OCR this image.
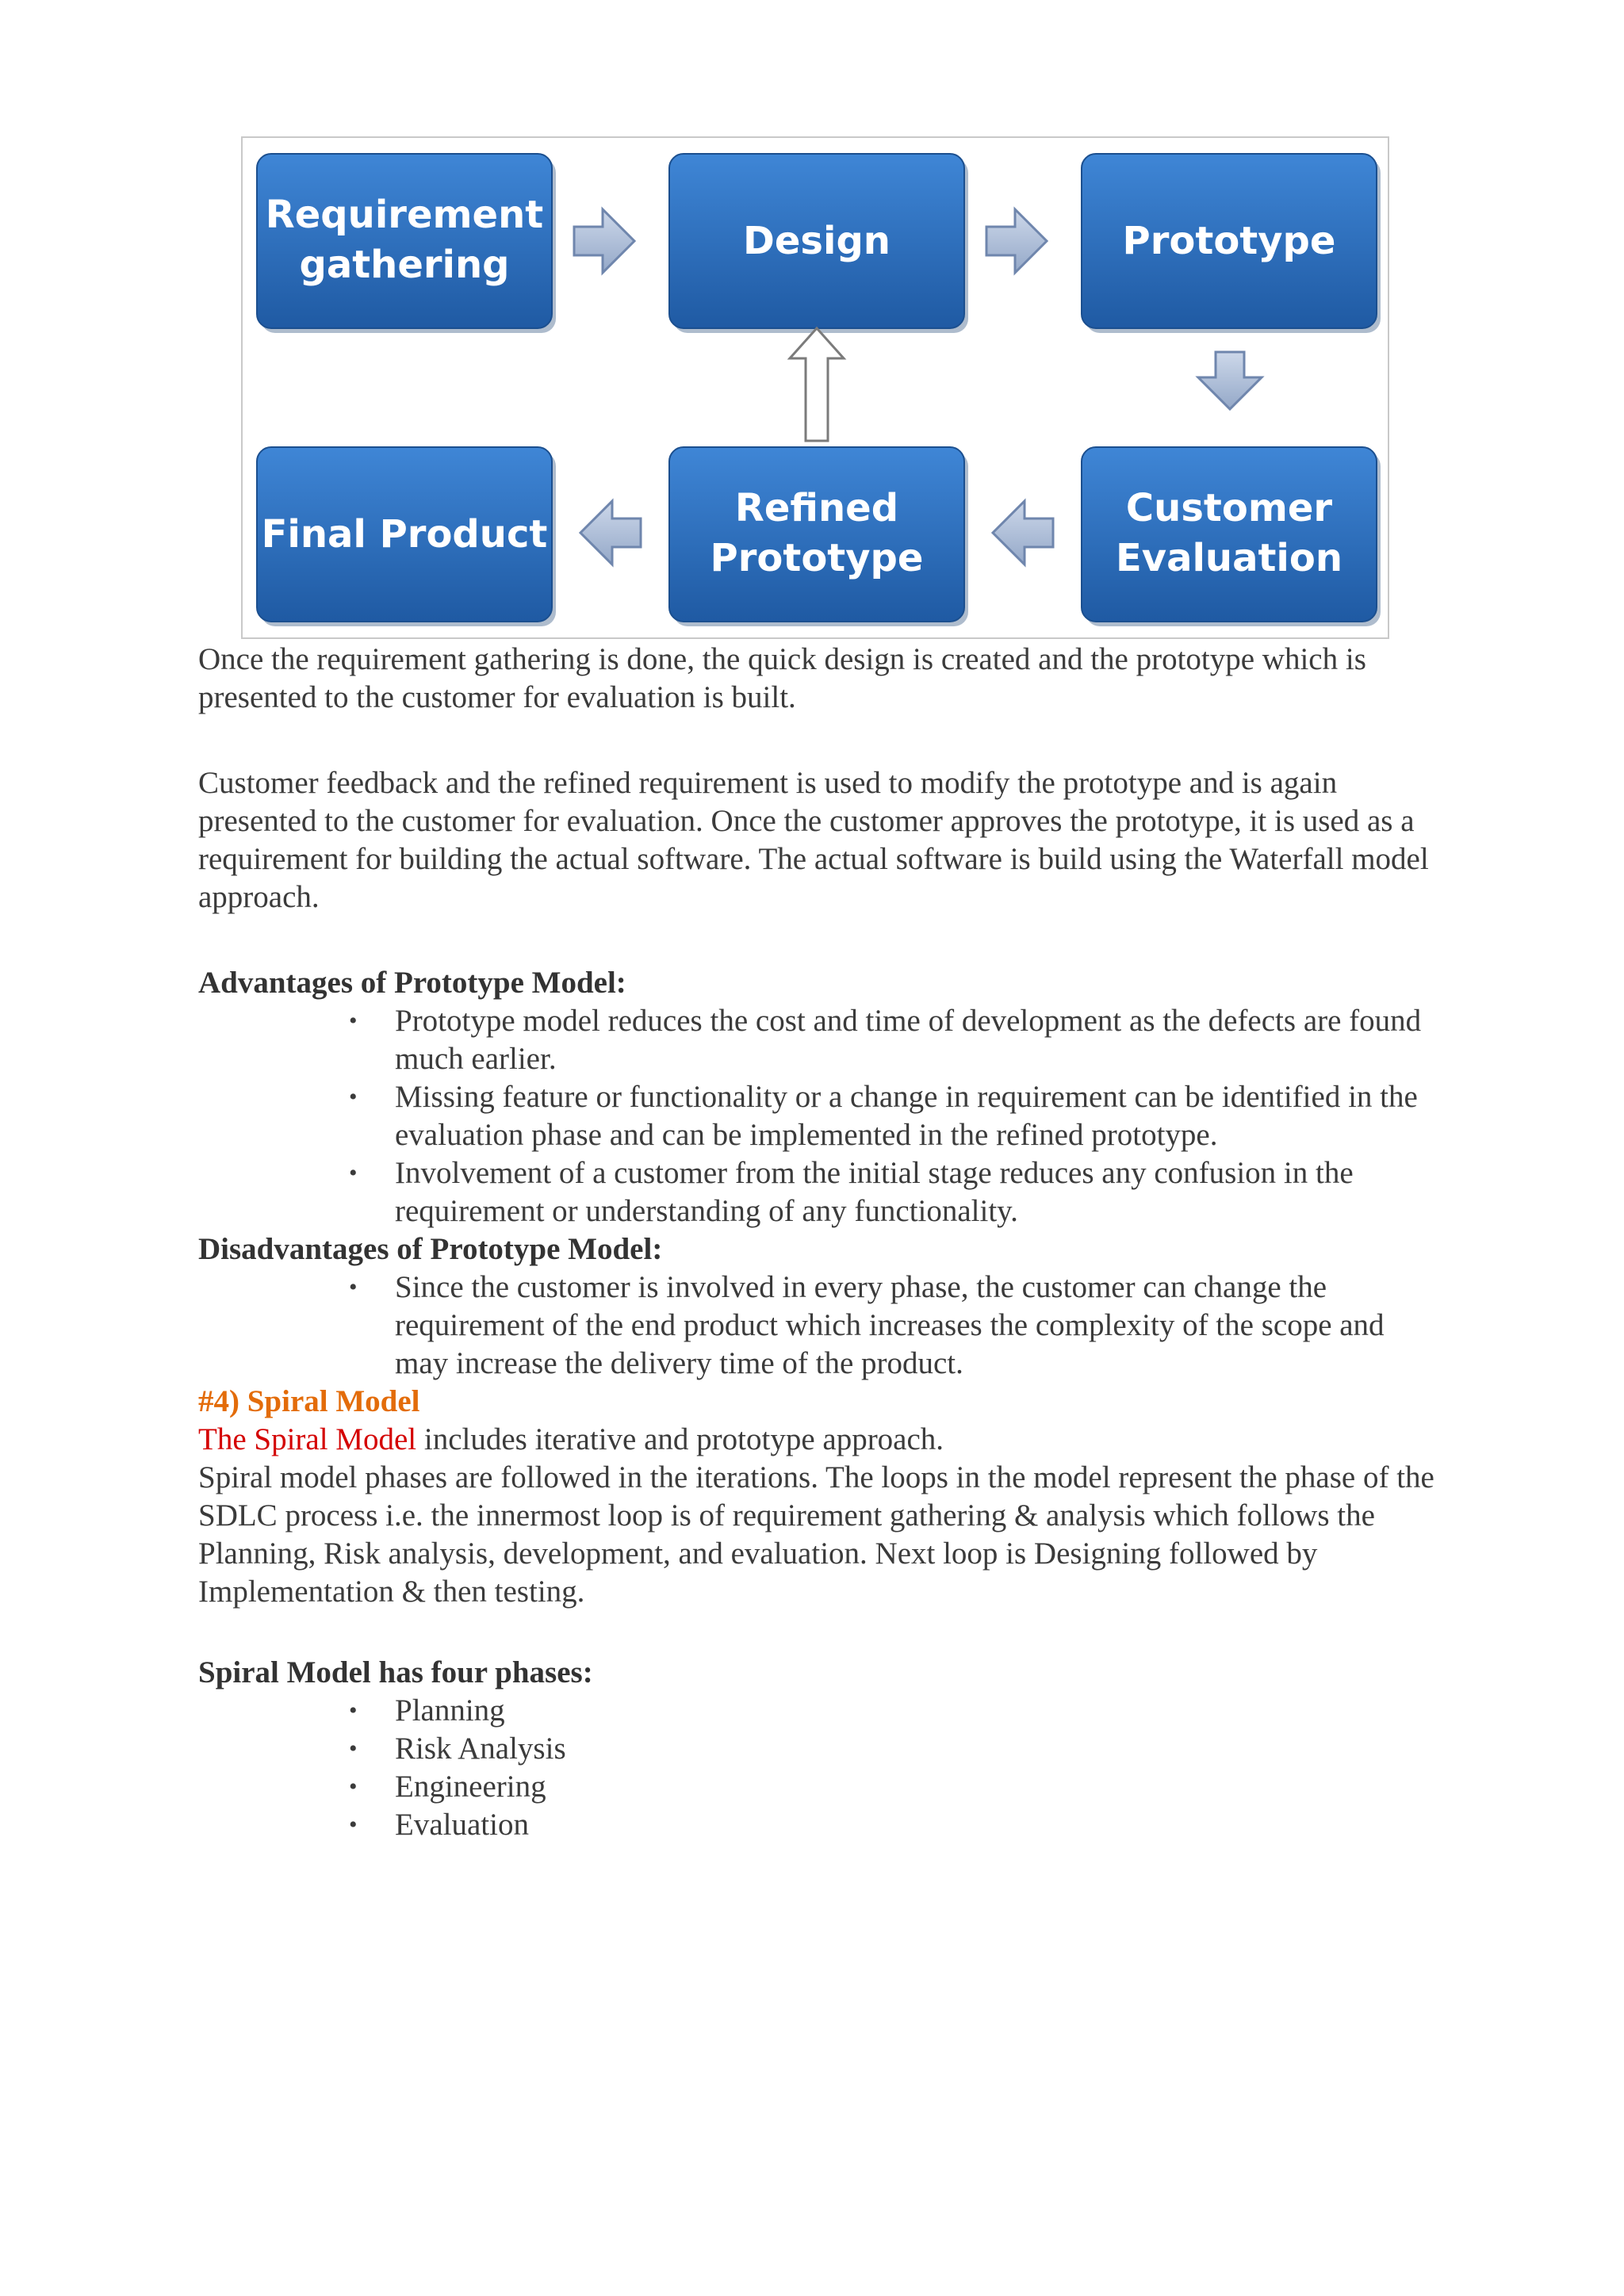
Requirement
gathering
Design	Prototype
Final Product
Refined
Prototype
Customer
Evaluation

Once the requirement gathering is done, the quick design is created and the prototype which is presented to the customer for evaluation is built.

Customer feedback and the refined requirement is used to modify the prototype and is again presented to the customer for evaluation. Once the customer approves the prototype, it is used as a requirement for building the actual software. The actual software is build using the Waterfall model approach.

Advantages of Prototype Model:

• Prototype model reduces the cost and time of development as the defects are found much earlier.
• Missing feature or functionality or a change in requirement can be identified in the evaluation phase and can be implemented in the refined prototype.
• Involvement of a customer from the initial stage reduces any confusion in the requirement or understanding of any functionality.

Disadvantages of Prototype Model:

• Since the customer is involved in every phase, the customer can change the requirement of the end product which increases the complexity of the scope and may increase the delivery time of the product.

#4) Spiral Model

The Spiral Model includes iterative and prototype approach.

Spiral model phases are followed in the iterations. The loops in the model represent the phase of the SDLC process i.e. the innermost loop is of requirement gathering & analysis which follows the Planning, Risk analysis, development, and evaluation. Next loop is Designing followed by Implementation & then testing.

Spiral Model has four phases:

• Planning
• Risk Analysis
• Engineering
• Evaluation
